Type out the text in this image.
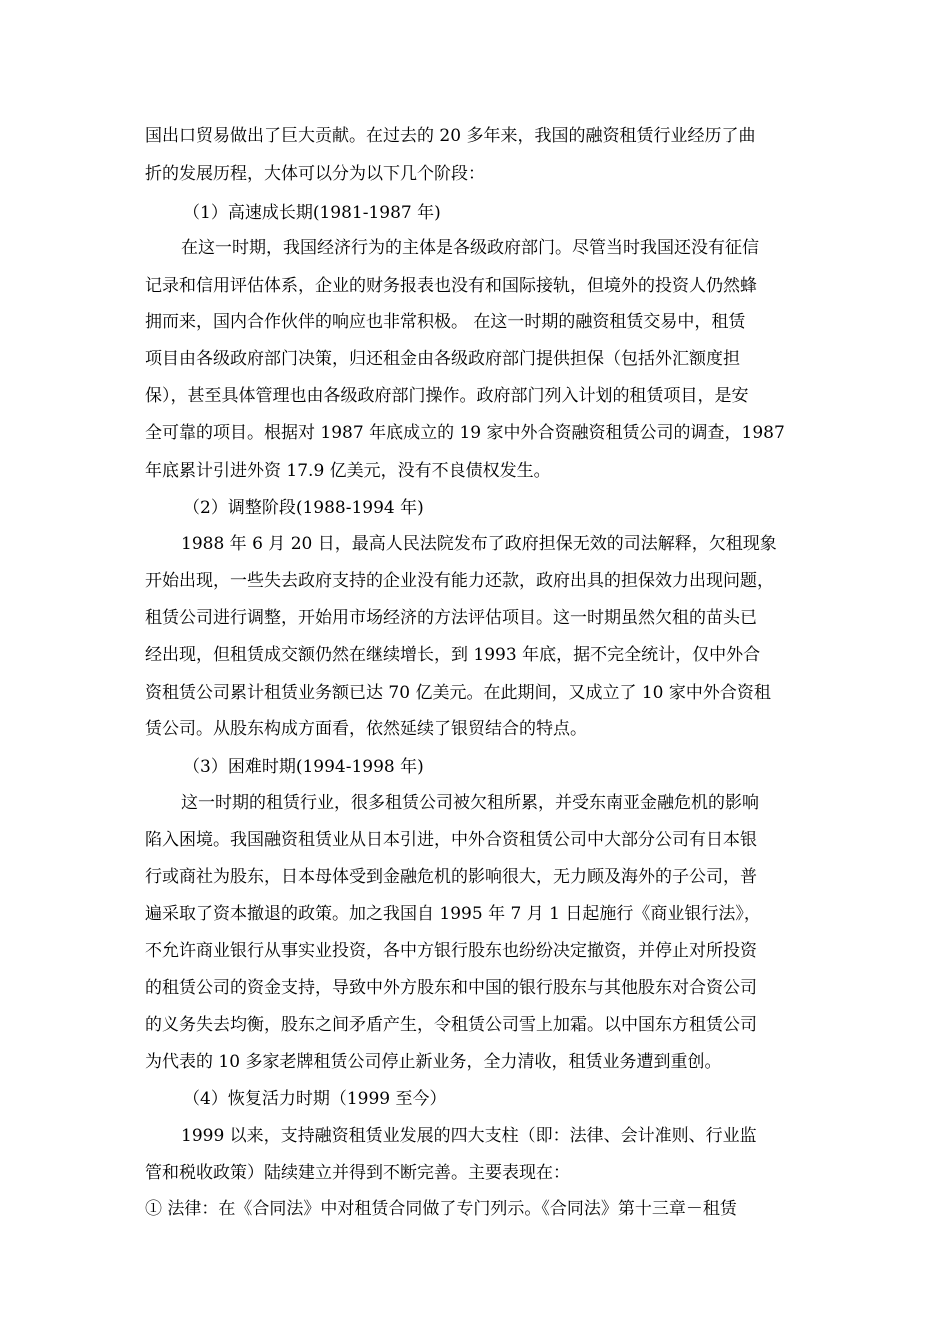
国出口贸易做出了巨大贡献。在过去的 20 多年来，我国的融资租赁行业经历了曲
折的发展历程，大体可以分为以下几个阶段：
（1）高速成长期(1981-1987 年)
在这一时期，我国经济行为的主体是各级政府部门。尽管当时我国还没有征信
记录和信用评估体系，企业的财务报表也没有和国际接轨，但境外的投资人仍然蜂
拥而来，国内合作伙伴的响应也非常积极。 在这一时期的融资租赁交易中，租赁
项目由各级政府部门决策，归还租金由各级政府部门提供担保（包括外汇额度担
保），甚至具体管理也由各级政府部门操作。政府部门列入计划的租赁项目，是安
全可靠的项目。根据对 1987 年底成立的 19 家中外合资融资租赁公司的调查，1987
年底累计引进外资 17.9 亿美元，没有不良债权发生。
（2）调整阶段(1988-1994 年)
1988 年 6 月 20 日，最高人民法院发布了政府担保无效的司法解释，欠租现象
开始出现，一些失去政府支持的企业没有能力还款，政府出具的担保效力出现问题，
租赁公司进行调整，开始用市场经济的方法评估项目。这一时期虽然欠租的苗头已
经出现，但租赁成交额仍然在继续增长，到 1993 年底，据不完全统计，仅中外合
资租赁公司累计租赁业务额已达 70 亿美元。在此期间，又成立了 10 家中外合资租
赁公司。从股东构成方面看，依然延续了银贸结合的特点。
（3）困难时期(1994-1998 年)
这一时期的租赁行业，很多租赁公司被欠租所累，并受东南亚金融危机的影响
陷入困境。我国融资租赁业从日本引进，中外合资租赁公司中大部分公司有日本银
行或商社为股东，日本母体受到金融危机的影响很大，无力顾及海外的子公司，普
遍采取了资本撤退的政策。加之我国自 1995 年 7 月 1 日起施行《商业银行法》，
不允许商业银行从事实业投资，各中方银行股东也纷纷决定撤资，并停止对所投资
的租赁公司的资金支持，导致中外方股东和中国的银行股东与其他股东对合资公司
的义务失去均衡，股东之间矛盾产生，令租赁公司雪上加霜。以中国东方租赁公司
为代表的 10 多家老牌租赁公司停止新业务，全力清收，租赁业务遭到重创。
（4）恢复活力时期（1999 至今）
1999 以来，支持融资租赁业发展的四大支柱（即：法律、会计准则、行业监
管和税收政策）陆续建立并得到不断完善。主要表现在：
① 法律：在《合同法》中对租赁合同做了专门列示。《合同法》第十三章－租赁
